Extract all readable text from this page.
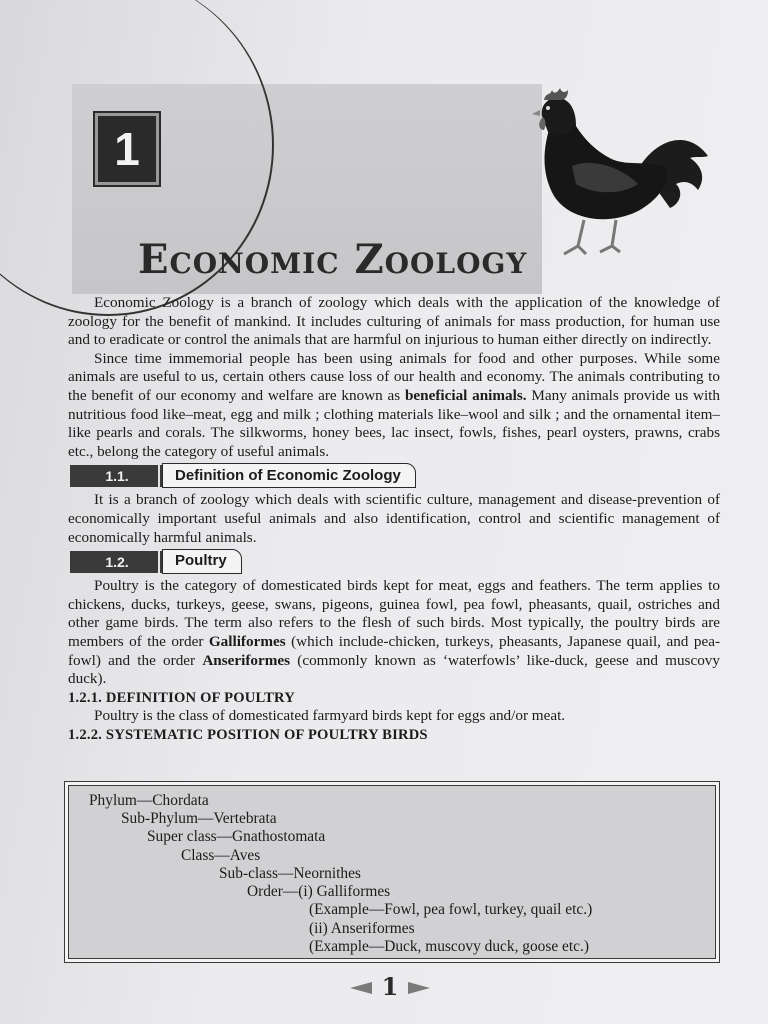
1
Economic Zoology

Economic Zoology is a branch of zoology which deals with the application of the knowledge of zoology for the benefit of mankind. It includes culturing of animals for mass production, for human use and to eradicate or control the animals that are harmful on injurious to human either directly on indirectly.

Since time immemorial people has been using animals for food and other purposes. While some animals are useful to us, certain others cause loss of our health and economy. The animals contributing to the benefit of our economy and welfare are known as beneficial animals. Many animals provide us with nutritious food like–meat, egg and milk ; clothing materials like–wool and silk ; and the ornamental item–like pearls and corals. The silkworms, honey bees, lac insect, fowls, fishes, pearl oysters, prawns, crabs etc., belong the category of useful animals.

1.1.	Definition of Economic Zoology

It is a branch of zoology which deals with scientific culture, management and disease-prevention of economically important useful animals and also identification, control and scientific management of economically harmful animals.

1.2.	Poultry

Poultry is the category of domesticated birds kept for meat, eggs and feathers. The term applies to chickens, ducks, turkeys, geese, swans, pigeons, guinea fowl, pea fowl, pheasants, quail, ostriches and other game birds. The term also refers to the flesh of such birds. Most typically, the poultry birds are members of the order Galliformes (which include-chicken, turkeys, pheasants, Japanese quail, and pea-fowl) and the order Anseriformes (commonly known as ‘waterfowls’ like-duck, geese and muscovy duck).

1.2.1. DEFINITION OF POULTRY

Poultry is the class of domesticated farmyard birds kept for eggs and/or meat.

1.2.2. SYSTEMATIC POSITION OF POULTRY BIRDS

Phylum—Chordata
Sub-Phylum—Vertebrata
Super class—Gnathostomata
Class—Aves
Sub-class—Neornithes
Order—(i) Galliformes
(Example—Fowl, pea fowl, turkey, quail etc.)
(ii) Anseriformes
(Example—Duck, muscovy duck, goose etc.)
1
